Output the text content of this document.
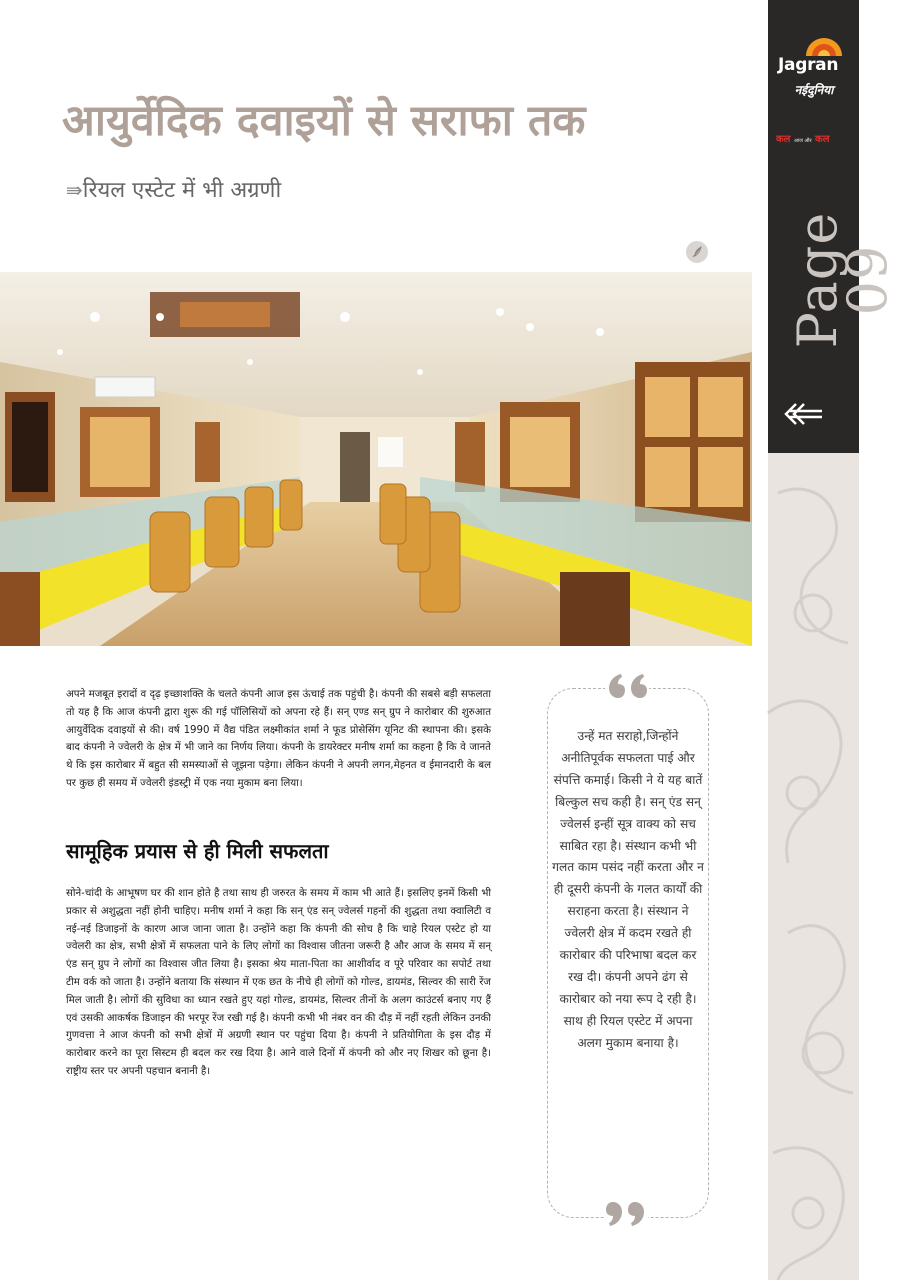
आयुर्वेदिक दवाइयों से सराफा तक
⇛रियल एस्टेट में भी अग्रणी
अपने मजबूत इरादों व दृढ़ इच्छाशक्ति के चलते कंपनी आज इस ऊंचाई तक पहुंची है। कंपनी की सबसे बड़ी सफलता तो यह है कि आज कंपनी द्वारा शुरू की गई पॉलिसियों को अपना रहे हैं। सन् एण्ड सन् ग्रुप ने कारोबार की शुरुआत आयुर्वेदिक दवाइयों से की। वर्ष 1990 में वैद्य पंडित लक्ष्मीकांत शर्मा ने फूड प्रोसेसिंग यूनिट की स्थापना की। इसके बाद कंपनी ने ज्वेलरी के क्षेत्र में भी जाने का निर्णय लिया। कंपनी के डायरेक्टर मनीष शर्मा का कहना है कि वे जानते थे कि इस कारोबार में बहुत सी समस्याओं से जूझना पड़ेगा। लेकिन कंपनी ने अपनी लगन,मेहनत व ईमानदारी के बल पर कुछ ही समय में ज्वेलरी इंडस्ट्री में एक नया मुकाम बना लिया।
सामूहिक प्रयास से ही मिली सफलता
सोने-चांदी के आभूषण घर की शान होते है तथा साथ ही जरुरत के समय में काम भी आते हैं। इसलिए इनमें किसी भी प्रकार से अशुद्धता नहीं होनी चाहिए। मनीष शर्मा ने कहा कि सन् एंड सन् ज्वेलर्स गहनों की शुद्धता तथा क्वालिटी व नई-नई डिजाइनों के कारण आज जाना जाता है। उन्होंने कहा कि कंपनी की सोच है कि चाहे रियल एस्टेट हो या ज्वेलरी का क्षेत्र, सभी क्षेत्रों में सफलता पाने के लिए लोगों का विश्वास जीतना जरूरी है और आज के समय में सन् एंड सन् ग्रुप ने लोगों का विश्वास जीत लिया है। इसका श्रेय माता-पिता का आशीर्वाद व पूरे परिवार का सपोर्ट तथा टीम वर्क को जाता है। उन्होंने बताया कि संस्थान में एक छत के नीचे ही लोगों को गोल्ड, डायमंड, सिल्वर की सारी रेंज मिल जाती है। लोगों की सुविधा का ध्यान रखते हुए यहां गोल्ड, डायमंड, सिल्वर तीनों के अलग काउंटर्स बनाए गए हैं एवं उसकी आकर्षक डिजाइन की भरपूर रेंज रखी गई है। कंपनी कभी भी नंबर वन की दौड़ में नहीं रहती लेकिन उनकी गुणवत्ता ने आज कंपनी को सभी क्षेत्रों में अग्रणी स्थान पर पहुंचा दिया है। कंपनी ने प्रतियोगिता के इस दौड़ में कारोबार करने का पूरा सिस्टम ही बदल कर रख दिया है। आने वाले दिनों में कंपनी को और नए शिखर को छूना है। राष्ट्रीय स्तर पर अपनी पहचान बनानी है।
उन्हें मत सराहो,जिन्होंने अनीतिपूर्वक सफलता पाई और संपत्ति कमाई। किसी ने ये यह बातें बिल्कुल सच कही है। सन् एंड सन् ज्वेलर्स इन्हीं सूत्र वाक्य को सच साबित रहा है। संस्थान कभी भी गलत काम पसंद नहीं करता और न ही दूसरी कंपनी के गलत कार्यों की सराहना करता है। संस्थान ने ज्वेलरी क्षेत्र में कदम रखते ही कारोबार की परिभाषा बदल कर रख दी। कंपनी अपने ढंग से कारोबार को नया रूप दे रही है। साथ ही रियल एस्टेट में अपना अलग मुकाम बनाया है।
Jagran
नईदुनिया
कल आज और कल
Page 09
